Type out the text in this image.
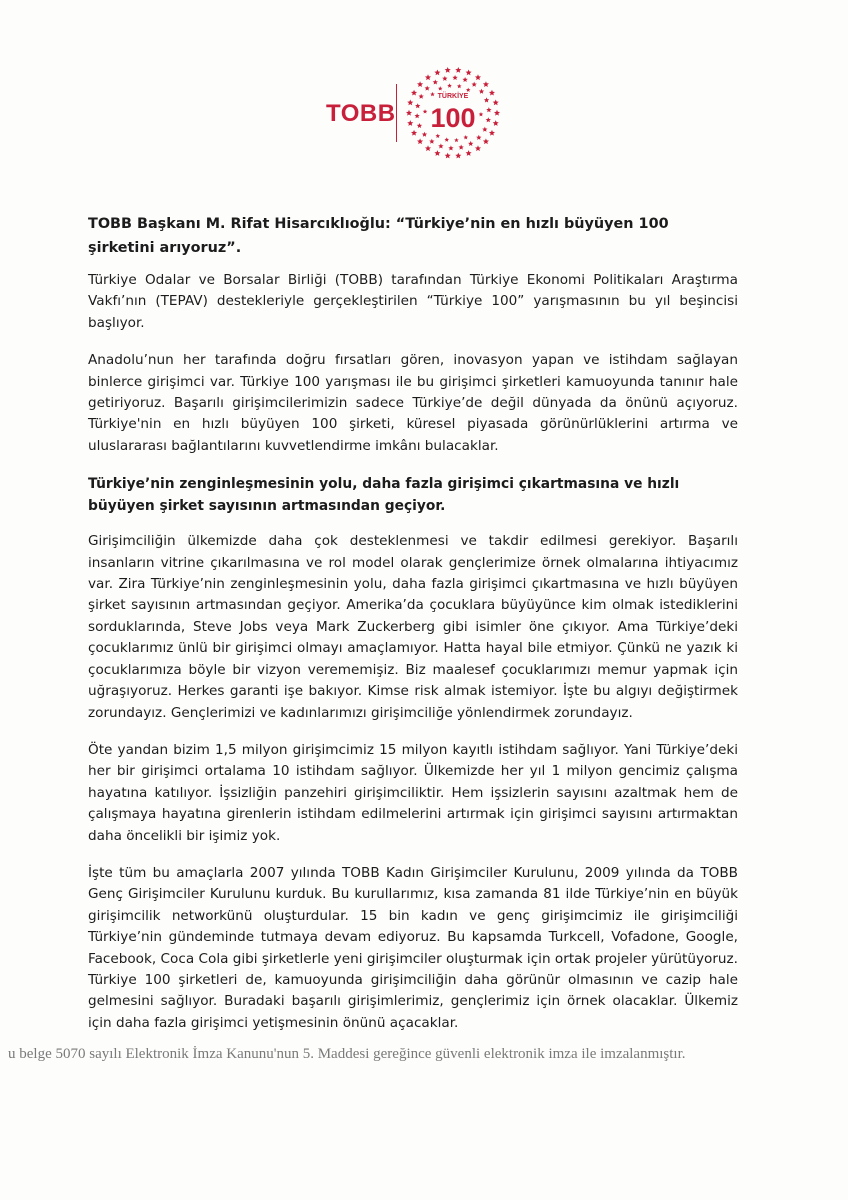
TOBB
TÜRKİYE
100
TOBB Başkanı M. Rifat Hisarcıklıoğlu: “Türkiye’nin en hızlı büyüyen 100 şirketini arıyoruz”.

Türkiye Odalar ve Borsalar Birliği (TOBB) tarafından Türkiye Ekonomi Politikaları Araştırma Vakfı’nın (TEPAV) destekleriyle gerçekleştirilen “Türkiye 100” yarışmasının bu yıl beşincisi başlıyor.

Anadolu’nun her tarafında doğru fırsatları gören, inovasyon yapan ve istihdam sağlayan binlerce girişimci var. Türkiye 100 yarışması ile bu girişimci şirketleri kamuoyunda tanınır hale getiriyoruz. Başarılı girişimcilerimizin sadece Türkiye’de değil dünyada da önünü açıyoruz. Türkiye'nin en hızlı büyüyen 100 şirketi, küresel piyasada görünürlüklerini artırma ve uluslararası bağlantılarını kuvvetlendirme imkânı bulacaklar.

Türkiye’nin zenginleşmesinin yolu, daha fazla girişimci çıkartmasına ve hızlı büyüyen şirket sayısının artmasından geçiyor.

Girişimciliğin ülkemizde daha çok desteklenmesi ve takdir edilmesi gerekiyor. Başarılı insanların vitrine çıkarılmasına ve rol model olarak gençlerimize örnek olmalarına ihtiyacımız var. Zira Türkiye’nin zenginleşmesinin yolu, daha fazla girişimci çıkartmasına ve hızlı büyüyen şirket sayısının artmasından geçiyor. Amerika’da çocuklara büyüyünce kim olmak istediklerini sorduklarında, Steve Jobs veya Mark Zuckerberg gibi isimler öne çıkıyor. Ama Türkiye’deki çocuklarımız ünlü bir girişimci olmayı amaçlamıyor. Hatta hayal bile etmiyor. Çünkü ne yazık ki çocuklarımıza böyle bir vizyon verememişiz. Biz maalesef çocuklarımızı memur yapmak için uğraşıyoruz. Herkes garanti işe bakıyor. Kimse risk almak istemiyor. İşte bu algıyı değiştirmek zorundayız. Gençlerimizi ve kadınlarımızı girişimciliğe yönlendirmek zorundayız.

Öte yandan bizim 1,5 milyon girişimcimiz 15 milyon kayıtlı istihdam sağlıyor. Yani Türkiye’deki her bir girişimci ortalama 10 istihdam sağlıyor. Ülkemizde her yıl 1 milyon gencimiz çalışma hayatına katılıyor. İşsizliğin panzehiri girişimciliktir. Hem işsizlerin sayısını azaltmak hem de çalışmaya hayatına girenlerin istihdam edilmelerini artırmak için girişimci sayısını artırmaktan daha öncelikli bir işimiz yok.

İşte tüm bu amaçlarla 2007 yılında TOBB Kadın Girişimciler Kurulunu, 2009 yılında da TOBB Genç Girişimciler Kurulunu kurduk. Bu kurullarımız, kısa zamanda 81 ilde Türkiye’nin en büyük girişimcilik networkünü oluşturdular. 15 bin kadın ve genç girişimcimiz ile girişimciliği Türkiye’nin gündeminde tutmaya devam ediyoruz. Bu kapsamda Turkcell, Vofadone, Google, Facebook, Coca Cola gibi şirketlerle yeni girişimciler oluşturmak için ortak projeler yürütüyoruz. Türkiye 100 şirketleri de, kamuoyunda girişimciliğin daha görünür olmasının ve cazip hale gelmesini sağlıyor. Buradaki başarılı girişimlerimiz, gençlerimiz için örnek olacaklar. Ülkemiz için daha fazla girişimci yetişmesinin önünü açacaklar.

u belge 5070 sayılı Elektronik İmza Kanunu'nun 5. Maddesi gereğince güvenli elektronik imza ile imzalanmıştır.
